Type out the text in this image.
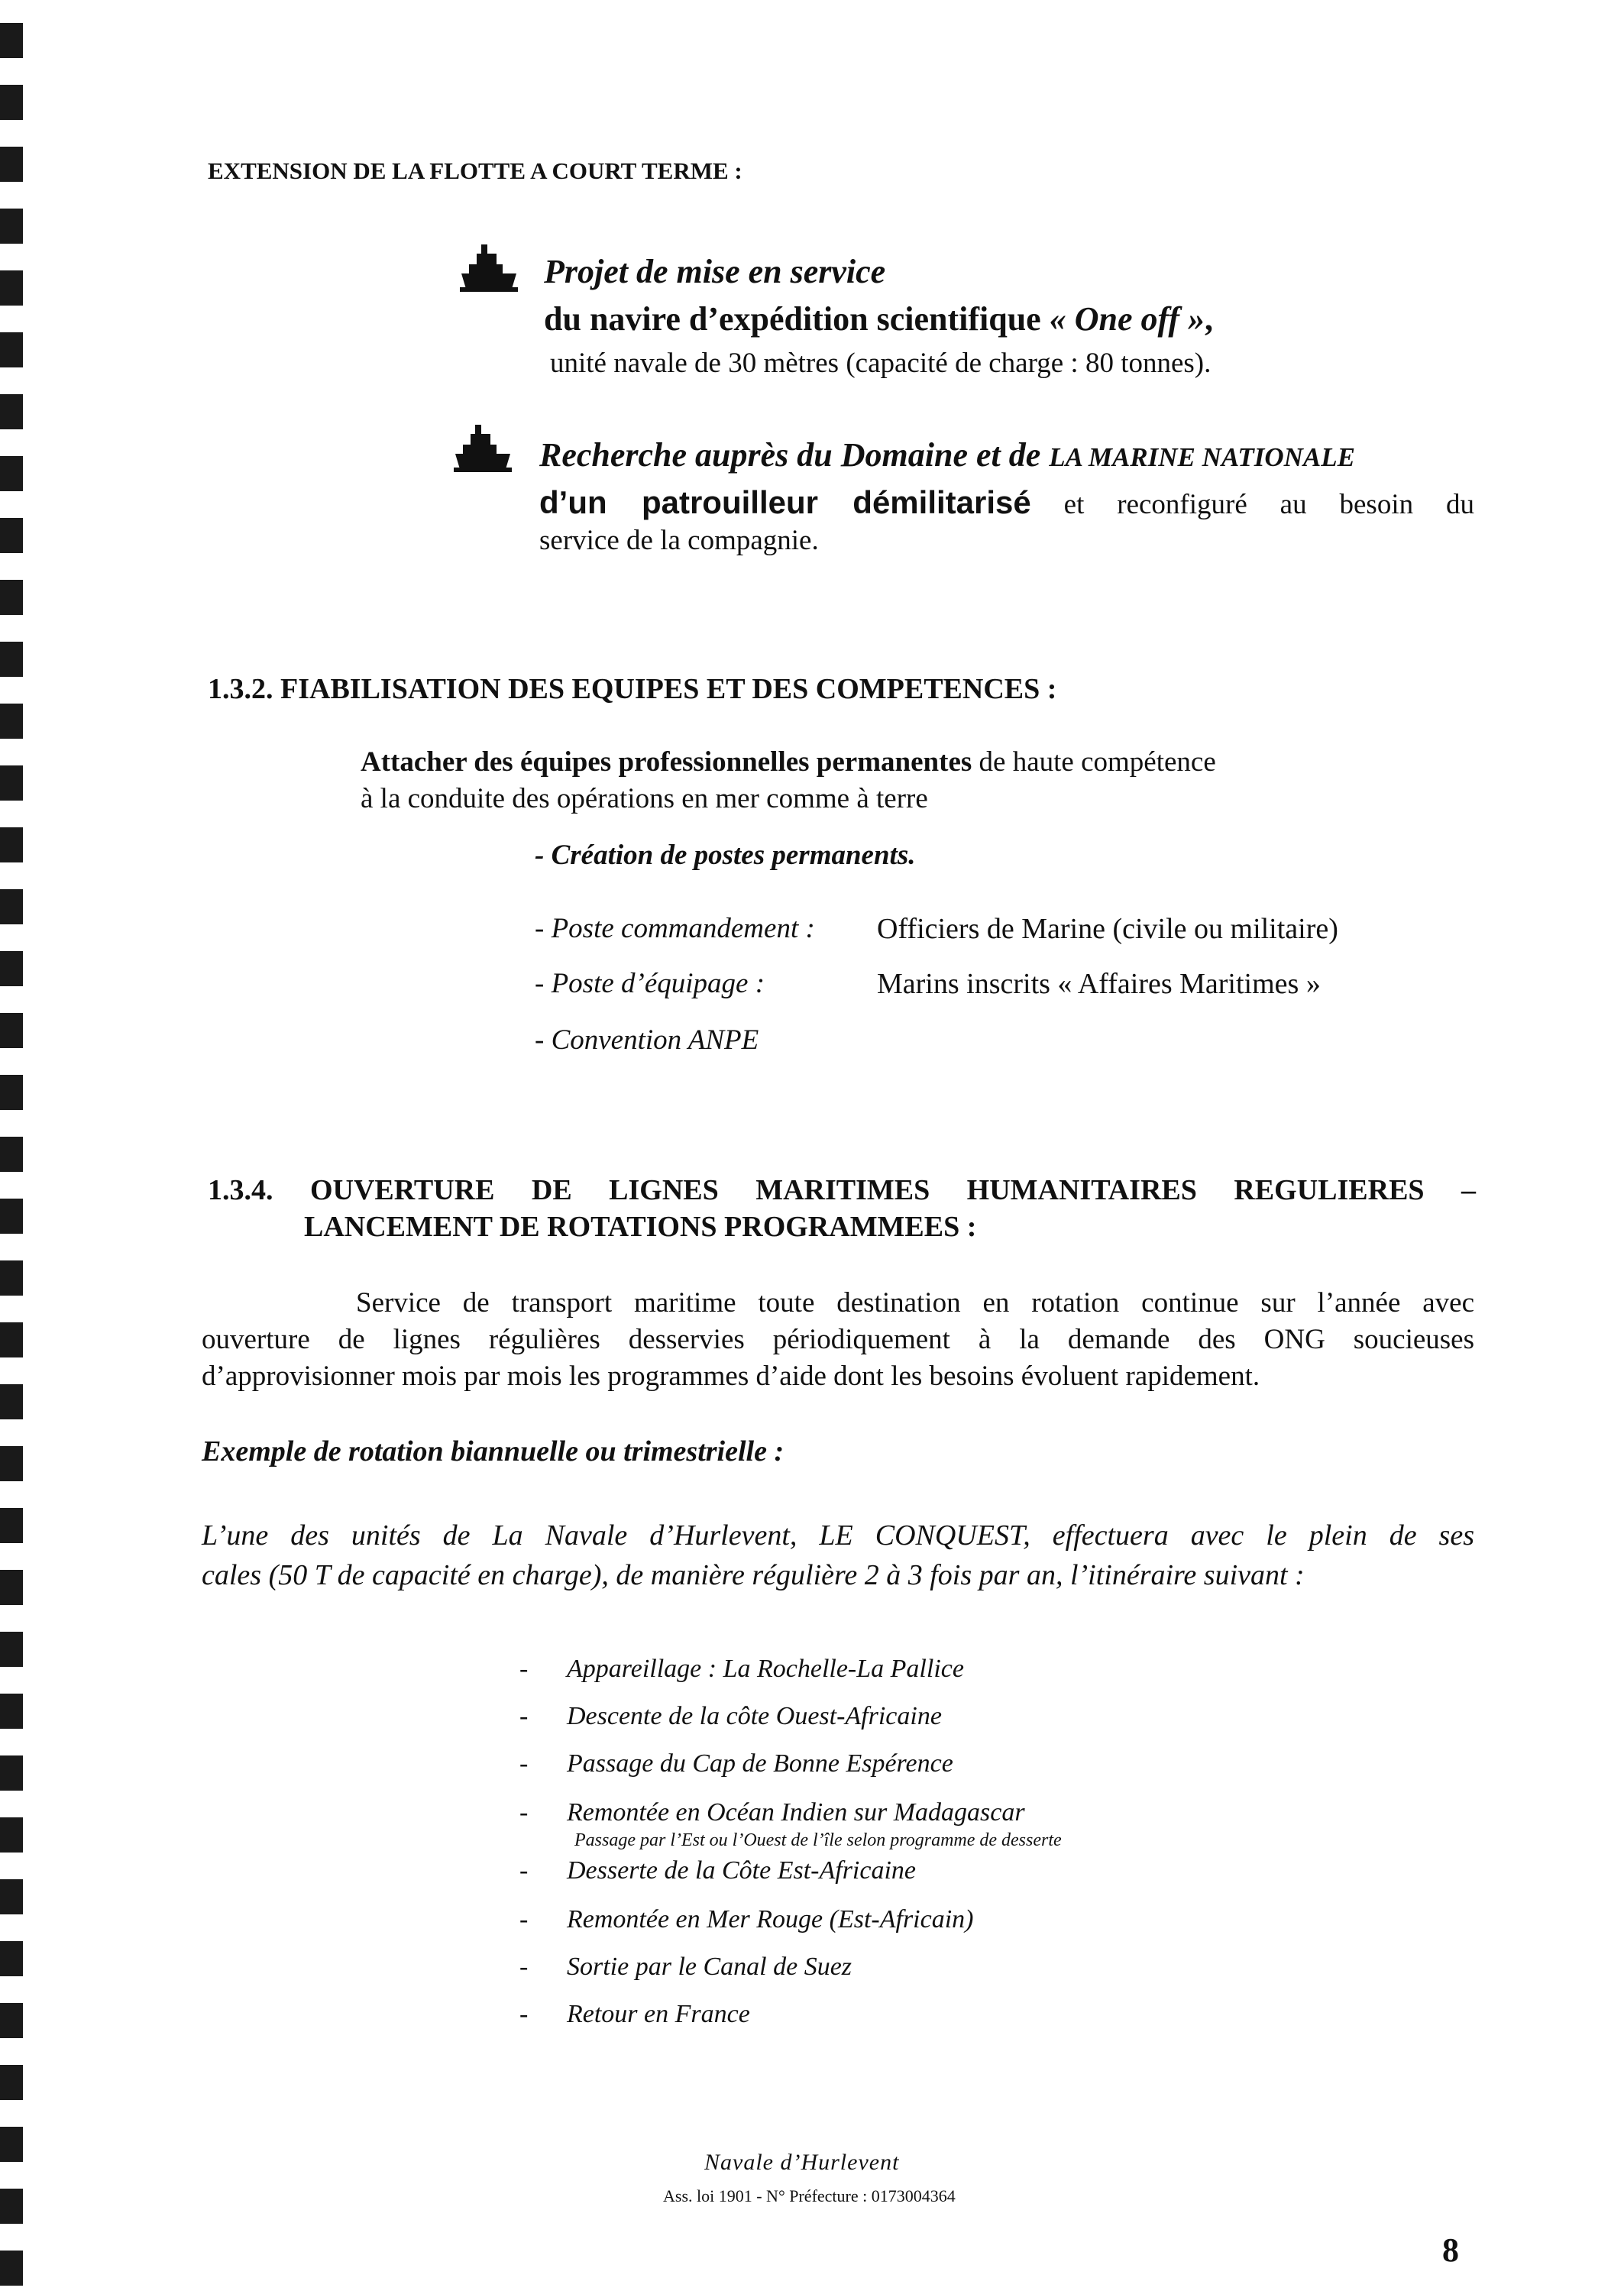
EXTENSION DE LA FLOTTE A COURT TERME :
Projet de mise en service
du navire d’expédition scientifique « One off »,
unité navale de 30 mètres (capacité de charge : 80 tonnes).
Recherche auprès du Domaine et de LA MARINE NATIONALE
d’un patrouilleur démilitarisé et reconfiguré au besoin du
service de la compagnie.
1.3.2. FIABILISATION DES EQUIPES ET DES COMPETENCES :
Attacher des équipes professionnelles permanentes de haute compétence
à la conduite des opérations en mer comme à terre
- Création de postes permanents.
- Poste commandement : Officiers de Marine (civile ou militaire)
- Poste d’équipage :	Marins inscrits « Affaires Maritimes »
- Convention ANPE
1.3.4. OUVERTURE DE LIGNES MARITIMES HUMANITAIRES REGULIERES –
LANCEMENT DE ROTATIONS PROGRAMMEES :
Service de transport maritime toute destination en rotation continue sur l’année avec
ouverture de lignes régulières desservies périodiquement à la demande des ONG soucieuses
d’approvisionner mois par mois les programmes d’aide dont les besoins évoluent rapidement.
Exemple de rotation biannuelle ou trimestrielle :
L’une des unités de La Navale d’Hurlevent, LE CONQUEST, effectuera avec le plein de ses
cales (50 T de capacité en charge), de manière régulière 2 à 3 fois par an, l’itinéraire suivant :
- Appareillage : La Rochelle-La Pallice
- Descente de la côte Ouest-Africaine
- Passage du Cap de Bonne Espérence
- Remontée en Océan Indien sur Madagascar
Passage par l’Est ou l’Ouest de l’île selon programme de desserte
- Desserte de la Côte Est-Africaine
- Remontée en Mer Rouge (Est-Africain)
- Sortie par le Canal de Suez
- Retour en France
Navale d’Hurlevent
Ass. loi 1901 - N° Préfecture : 0173004364
8
